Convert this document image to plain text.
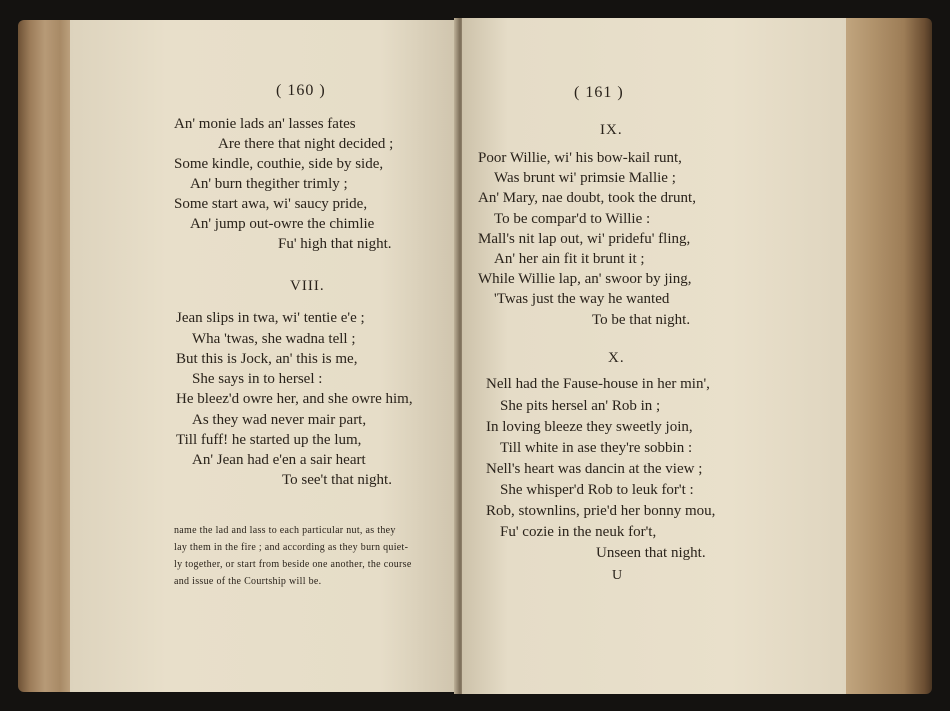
( 160 )
An' monie lads an' lasses fates
Are there that night decided ;
Some kindle, couthie, side by side,
An' burn thegither trimly ;
Some start awa, wi' saucy pride,
An' jump out-owre the chimlie
Fu' high that night.
VIII.
Jean slips in twa, wi' tentie e'e ;
Wha 'twas, she wadna tell ;
But this is Jock, an' this is me,
She says in to hersel :
He bleez'd owre her, and she owre him,
As they wad never mair part,
Till fuff! he started up the lum,
An' Jean had e'en a sair heart
To see't that night.
name the lad and lass to each particular nut, as they
lay them in the fire ; and according as they burn quiet-
ly together, or start from beside one another, the course
and issue of the Courtship will be.
( 161 )
IX.
Poor Willie, wi' his bow-kail runt,
Was brunt wi' primsie Mallie ;
An' Mary, nae doubt, took the drunt,
To be compar'd to Willie :
Mall's nit lap out, wi' pridefu' fling,
An' her ain fit it brunt it ;
While Willie lap, an' swoor by jing,
'Twas just the way he wanted
To be that night.
X.
Nell had the Fause-house in her min',
She pits hersel an' Rob in ;
In loving bleeze they sweetly join,
Till white in ase they're sobbin :
Nell's heart was dancin at the view ;
She whisper'd Rob to leuk for't :
Rob, stownlins, prie'd her bonny mou,
Fu' cozie in the neuk for't,
Unseen that night.
U
